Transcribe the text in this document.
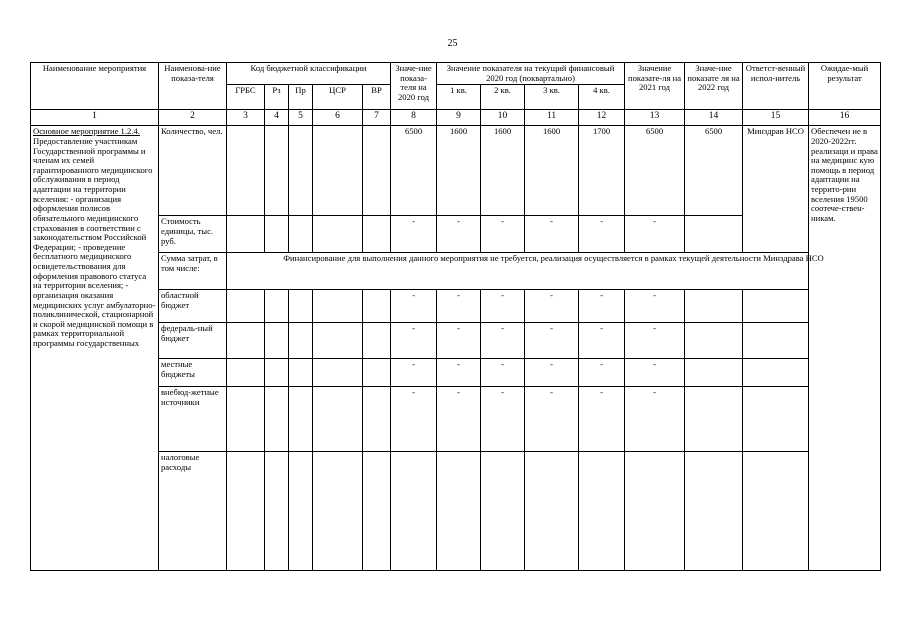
25
Наименование мероприятия	Наименова-ние показа-теля	Код бюджетной классификации					Значе-ние показа-теля на 2020 год	Значение показателя на текущий финансовый 2020 год (поквартально)				Значение показате-ля на 2021 год	Значе-ние показате ля на 2022 год	Ответст-венный испол-нитель	Ожидае-мый результат
		ГРБС	Рз	Пр	ЦСР	ВР		1 кв.	2 кв.	3 кв.	4 кв.				
1	2	3	4	5	6	7	8	9	10	11	12	13	14	15	16
Основное мероприятие 1.2.4.
Предоставление участникам Государственной программы и членам их семей гарантированного медицинского обслуживания в период адаптации на территории вселения: - организация оформления полисов обязательного медицинского страхования в соответствии с законодательством Российской Федерации; - проведение бесплатного медицинского освидетельствования для оформления правового статуса на территории вселения; - организация оказания медицинских услуг амбулаторно-поликлинической, стационарной и скорой медицинской помощи в рамках территориальной программы государственных	Количество, чел.						6500	1600	1600	1600	1700	6500	6500	Минздрав НСО	Обеспечен ие в 2020-2022гг. реализаци и права на медицинс кую помощь в период адаптации на террито-рии вселения 19500 соотече-ствен-никам.
	Стоимость единицы, тыс. руб.						-	-	-	-	-	-			
	Сумма затрат, в том числе:	Финансирование для выполнения данного мероприятия не требуется, реализация осуществляется в рамках текущей деятельности Минздрава НСО													
	областной бюджет						-	-	-	-	-	-			
	федераль-ный бюджет						-	-	-	-	-	-			
	местные бюджеты						-	-	-	-	-	-			
	внебюд-жетные источники						-	-	-	-	-	-			
	налоговые расходы														
